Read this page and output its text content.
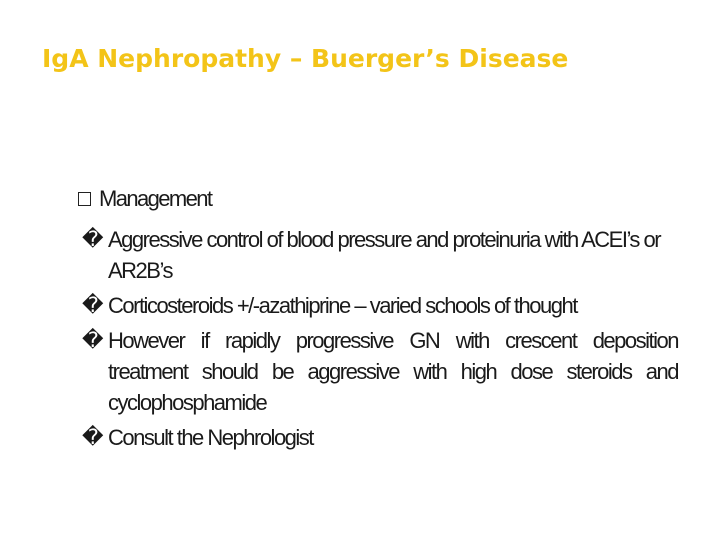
IgA Nephropathy – Buerger’s Disease
Management
� Aggressive control of blood pressure and proteinuria with ACEI’s or AR2B’s
� Corticosteroids +/-azathiprine – varied schools of thought
� However if rapidly progressive GN with crescent deposition treatment should be aggressive with high dose steroids and cyclophosphamide
� Consult the Nephrologist
